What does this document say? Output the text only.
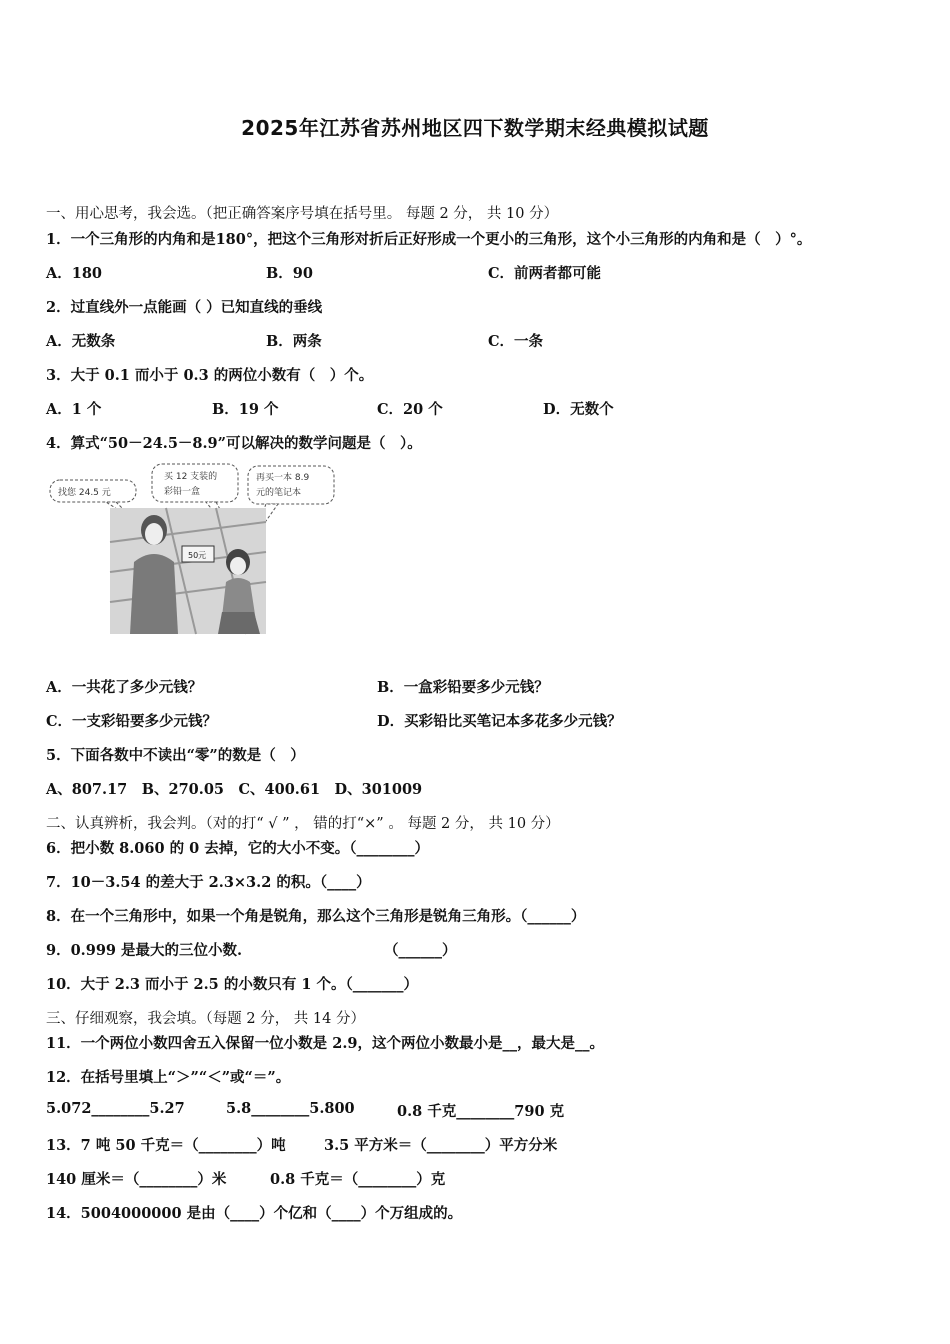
2025年江苏省苏州地区四下数学期末经典模拟试题
一、用心思考，我会选。（把正确答案序号填在括号里。 每题 2 分， 共 10 分）
1．一个三角形的内角和是180°，把这个三角形对折后正好形成一个更小的三角形，这个小三角形的内角和是（　）°。
A．180	B．90	C．前两者都可能
2．过直线外一点能画（ ）已知直线的垂线
A．无数条	B．两条	C．一条
3．大于 0.1 而小于 0.3 的两位小数有（　）个。
A．1 个	B．19 个	C．20 个	D．无数个
4．算式“50－24.5－8.9”可以解决的数学问题是（　）。
找您 24.5 元
买 12 支装的
彩铅一盒
再买一本 8.9
元的笔记本
50元
A．一共花了多少元钱？	B．一盒彩铅要多少元钱？
C．一支彩铅要多少元钱？	D．买彩铅比买笔记本多花多少元钱？
5．下面各数中不读出“零”的数是（　）
A、807.17　B、270.05　C、400.61　D、301009
二、认真辨析，我会判。（对的打“ √ ” ， 错的打“×” 。 每题 2 分， 共 10 分）
6．把小数 8.060 的 0 去掉，它的大小不变。（________）
7．10－3.54 的差大于 2.3×3.2 的积。（____）
8．在一个三角形中，如果一个角是锐角，那么这个三角形是锐角三角形。（______）
9．0.999 是最大的三位小数.	（______）
10．大于 2.3 而小于 2.5 的小数只有 1 个。（_______）
三、仔细观察，我会填。（每题 2 分， 共 14 分）
11．一个两位小数四舍五入保留一位小数是 2.9，这个两位小数最小是__，最大是__。
12．在括号里填上“＞”“＜”或“＝”。
5.072________5.27	5.8________5.800	0.8 千克________790 克
13．7 吨 50 千克＝（________）吨	3.5 平方米＝（________）平方分米
140 厘米＝（________）米	0.8 千克＝（________）克
14．5004000000 是由（____）个亿和（____）个万组成的。
